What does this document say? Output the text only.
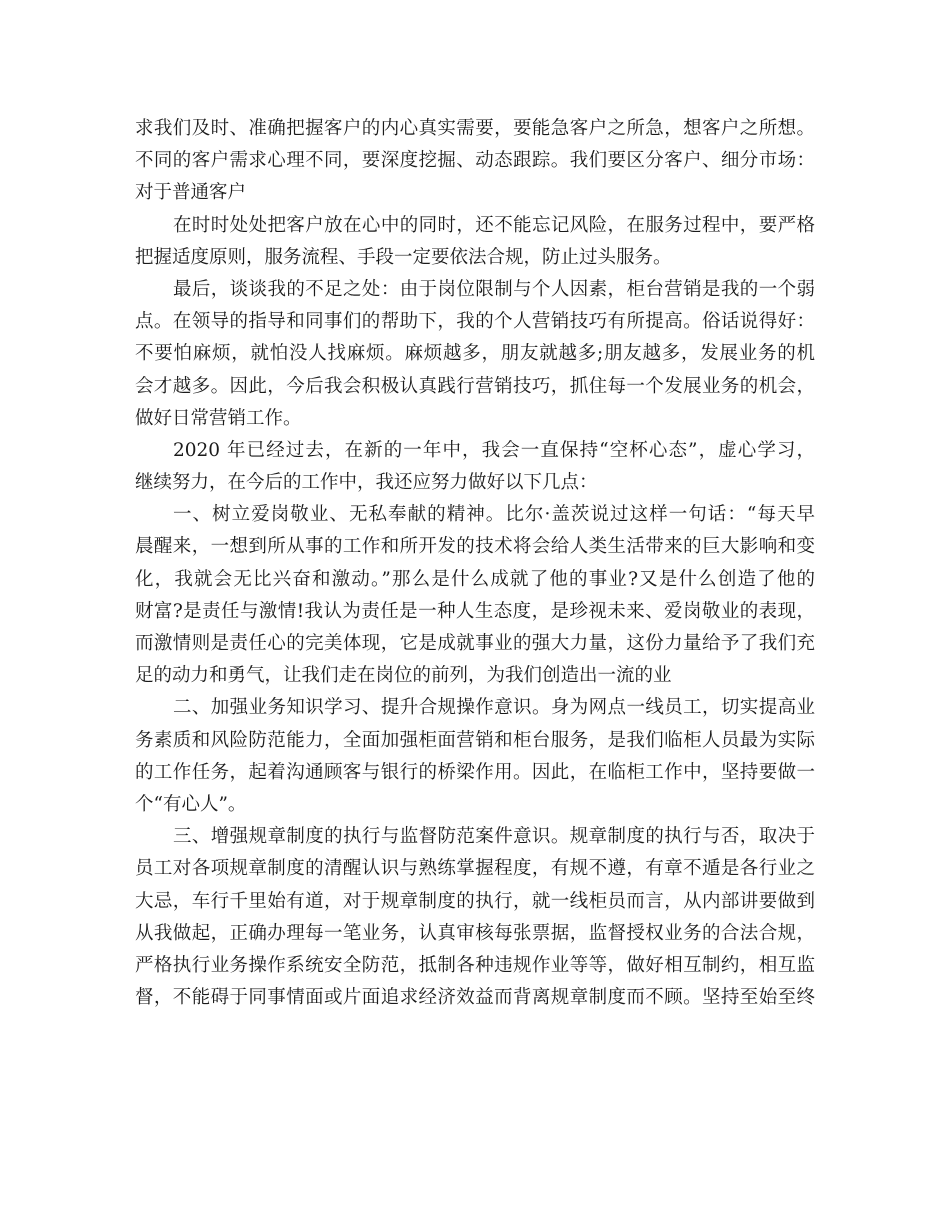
求我们及时、准确把握客户的内心真实需要，要能急客户之所急，想客户之所想。
不同的客户需求心理不同，要深度挖掘、动态跟踪。我们要区分客户、细分市场：
对于普通客户
在时时处处把客户放在心中的同时，还不能忘记风险，在服务过程中，要严格
把握适度原则，服务流程、手段一定要依法合规，防止过头服务。
最后，谈谈我的不足之处：由于岗位限制与个人因素，柜台营销是我的一个弱
点。在领导的指导和同事们的帮助下，我的个人营销技巧有所提高。俗话说得好：
不要怕麻烦，就怕没人找麻烦。麻烦越多，朋友就越多;朋友越多，发展业务的机
会才越多。因此，今后我会积极认真践行营销技巧，抓住每一个发展业务的机会，
做好日常营销工作。
2020 年已经过去，在新的一年中，我会一直保持“空杯心态”，虚心学习，
继续努力，在今后的工作中，我还应努力做好以下几点：
一、树立爱岗敬业、无私奉献的精神。比尔·盖茨说过这样一句话：“每天早
晨醒来，一想到所从事的工作和所开发的技术将会给人类生活带来的巨大影响和变
化，我就会无比兴奋和激动。”那么是什么成就了他的事业?又是什么创造了他的
财富?是责任与激情!我认为责任是一种人生态度，是珍视未来、爱岗敬业的表现，
而激情则是责任心的完美体现，它是成就事业的强大力量，这份力量给予了我们充
足的动力和勇气，让我们走在岗位的前列，为我们创造出一流的业
二、加强业务知识学习、提升合规操作意识。身为网点一线员工，切实提高业
务素质和风险防范能力，全面加强柜面营销和柜台服务，是我们临柜人员最为实际
的工作任务，起着沟通顾客与银行的桥梁作用。因此，在临柜工作中，坚持要做一
个“有心人”。
三、增强规章制度的执行与监督防范案件意识。规章制度的执行与否，取决于
员工对各项规章制度的清醒认识与熟练掌握程度，有规不遵，有章不遁是各行业之
大忌，车行千里始有道，对于规章制度的执行，就一线柜员而言，从内部讲要做到
从我做起，正确办理每一笔业务，认真审核每张票据，监督授权业务的合法合规，
严格执行业务操作系统安全防范，抵制各种违规作业等等，做好相互制约，相互监
督，不能碍于同事情面或片面追求经济效益而背离规章制度而不顾。坚持至始至终
